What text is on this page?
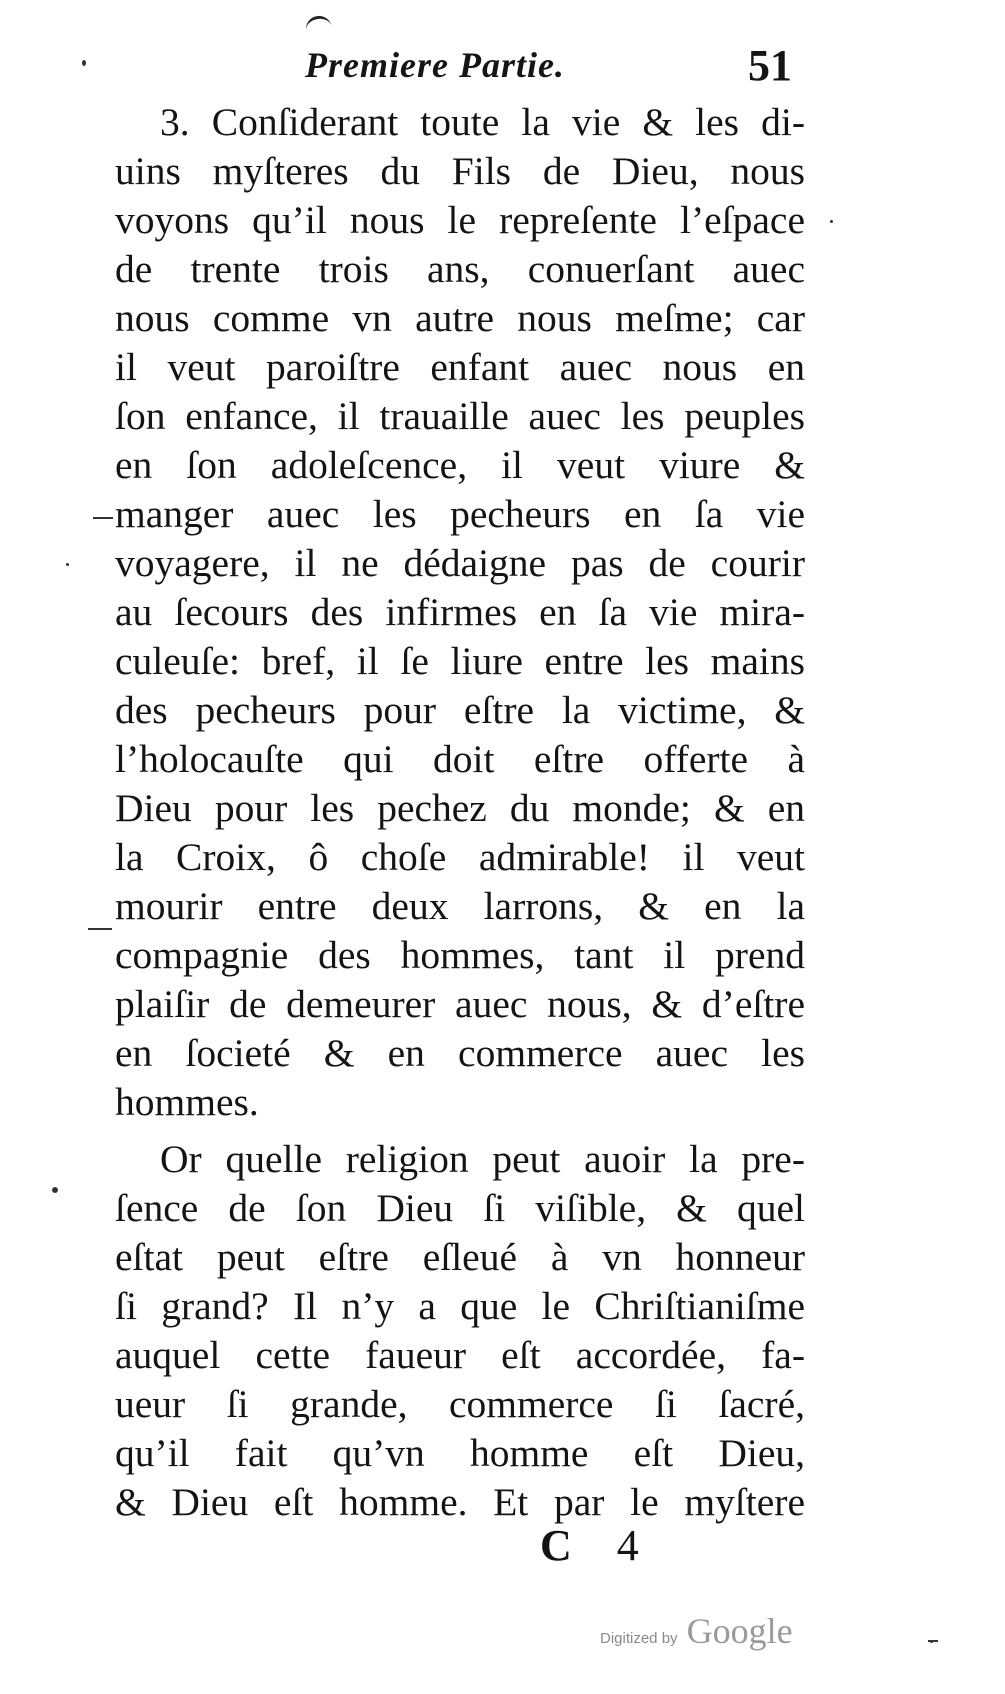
Premiere Partie.	51
3. Conſiderant toute la vie & les di-
uins myſteres du Fils de Dieu, nous
voyons qu’il nous le repreſente l’eſpace
de trente trois ans, conuerſant auec
nous comme vn autre nous meſme; car
il veut paroiſtre enfant auec nous en
ſon enfance, il trauaille auec les peuples
en ſon adoleſcence, il veut viure &
manger auec les pecheurs en ſa vie
voyagere, il ne dédaigne pas de courir
au ſecours des infirmes en ſa vie mira-
culeuſe: bref, il ſe liure entre les mains
des pecheurs pour eſtre la victime, &
l’holocauſte qui doit eſtre offerte à
Dieu pour les pechez du monde; & en
la Croix, ô choſe admirable! il veut
mourir entre deux larrons, & en la
compagnie des hommes, tant il prend
plaiſir de demeurer auec nous, & d’eſtre
en ſocieté & en commerce auec les
hommes.
Or quelle religion peut auoir la pre-
ſence de ſon Dieu ſi viſible, & quel
eſtat peut eſtre eſleué à vn honneur
ſi grand? Il n’y a que le Chriſtianiſme
auquel cette faueur eſt accordée, fa-
ueur ſi grande, commerce ſi ſacré,
qu’il fait qu’vn homme eſt Dieu,
& Dieu eſt homme. Et par le myſtere
C 4
Digitized by Google
